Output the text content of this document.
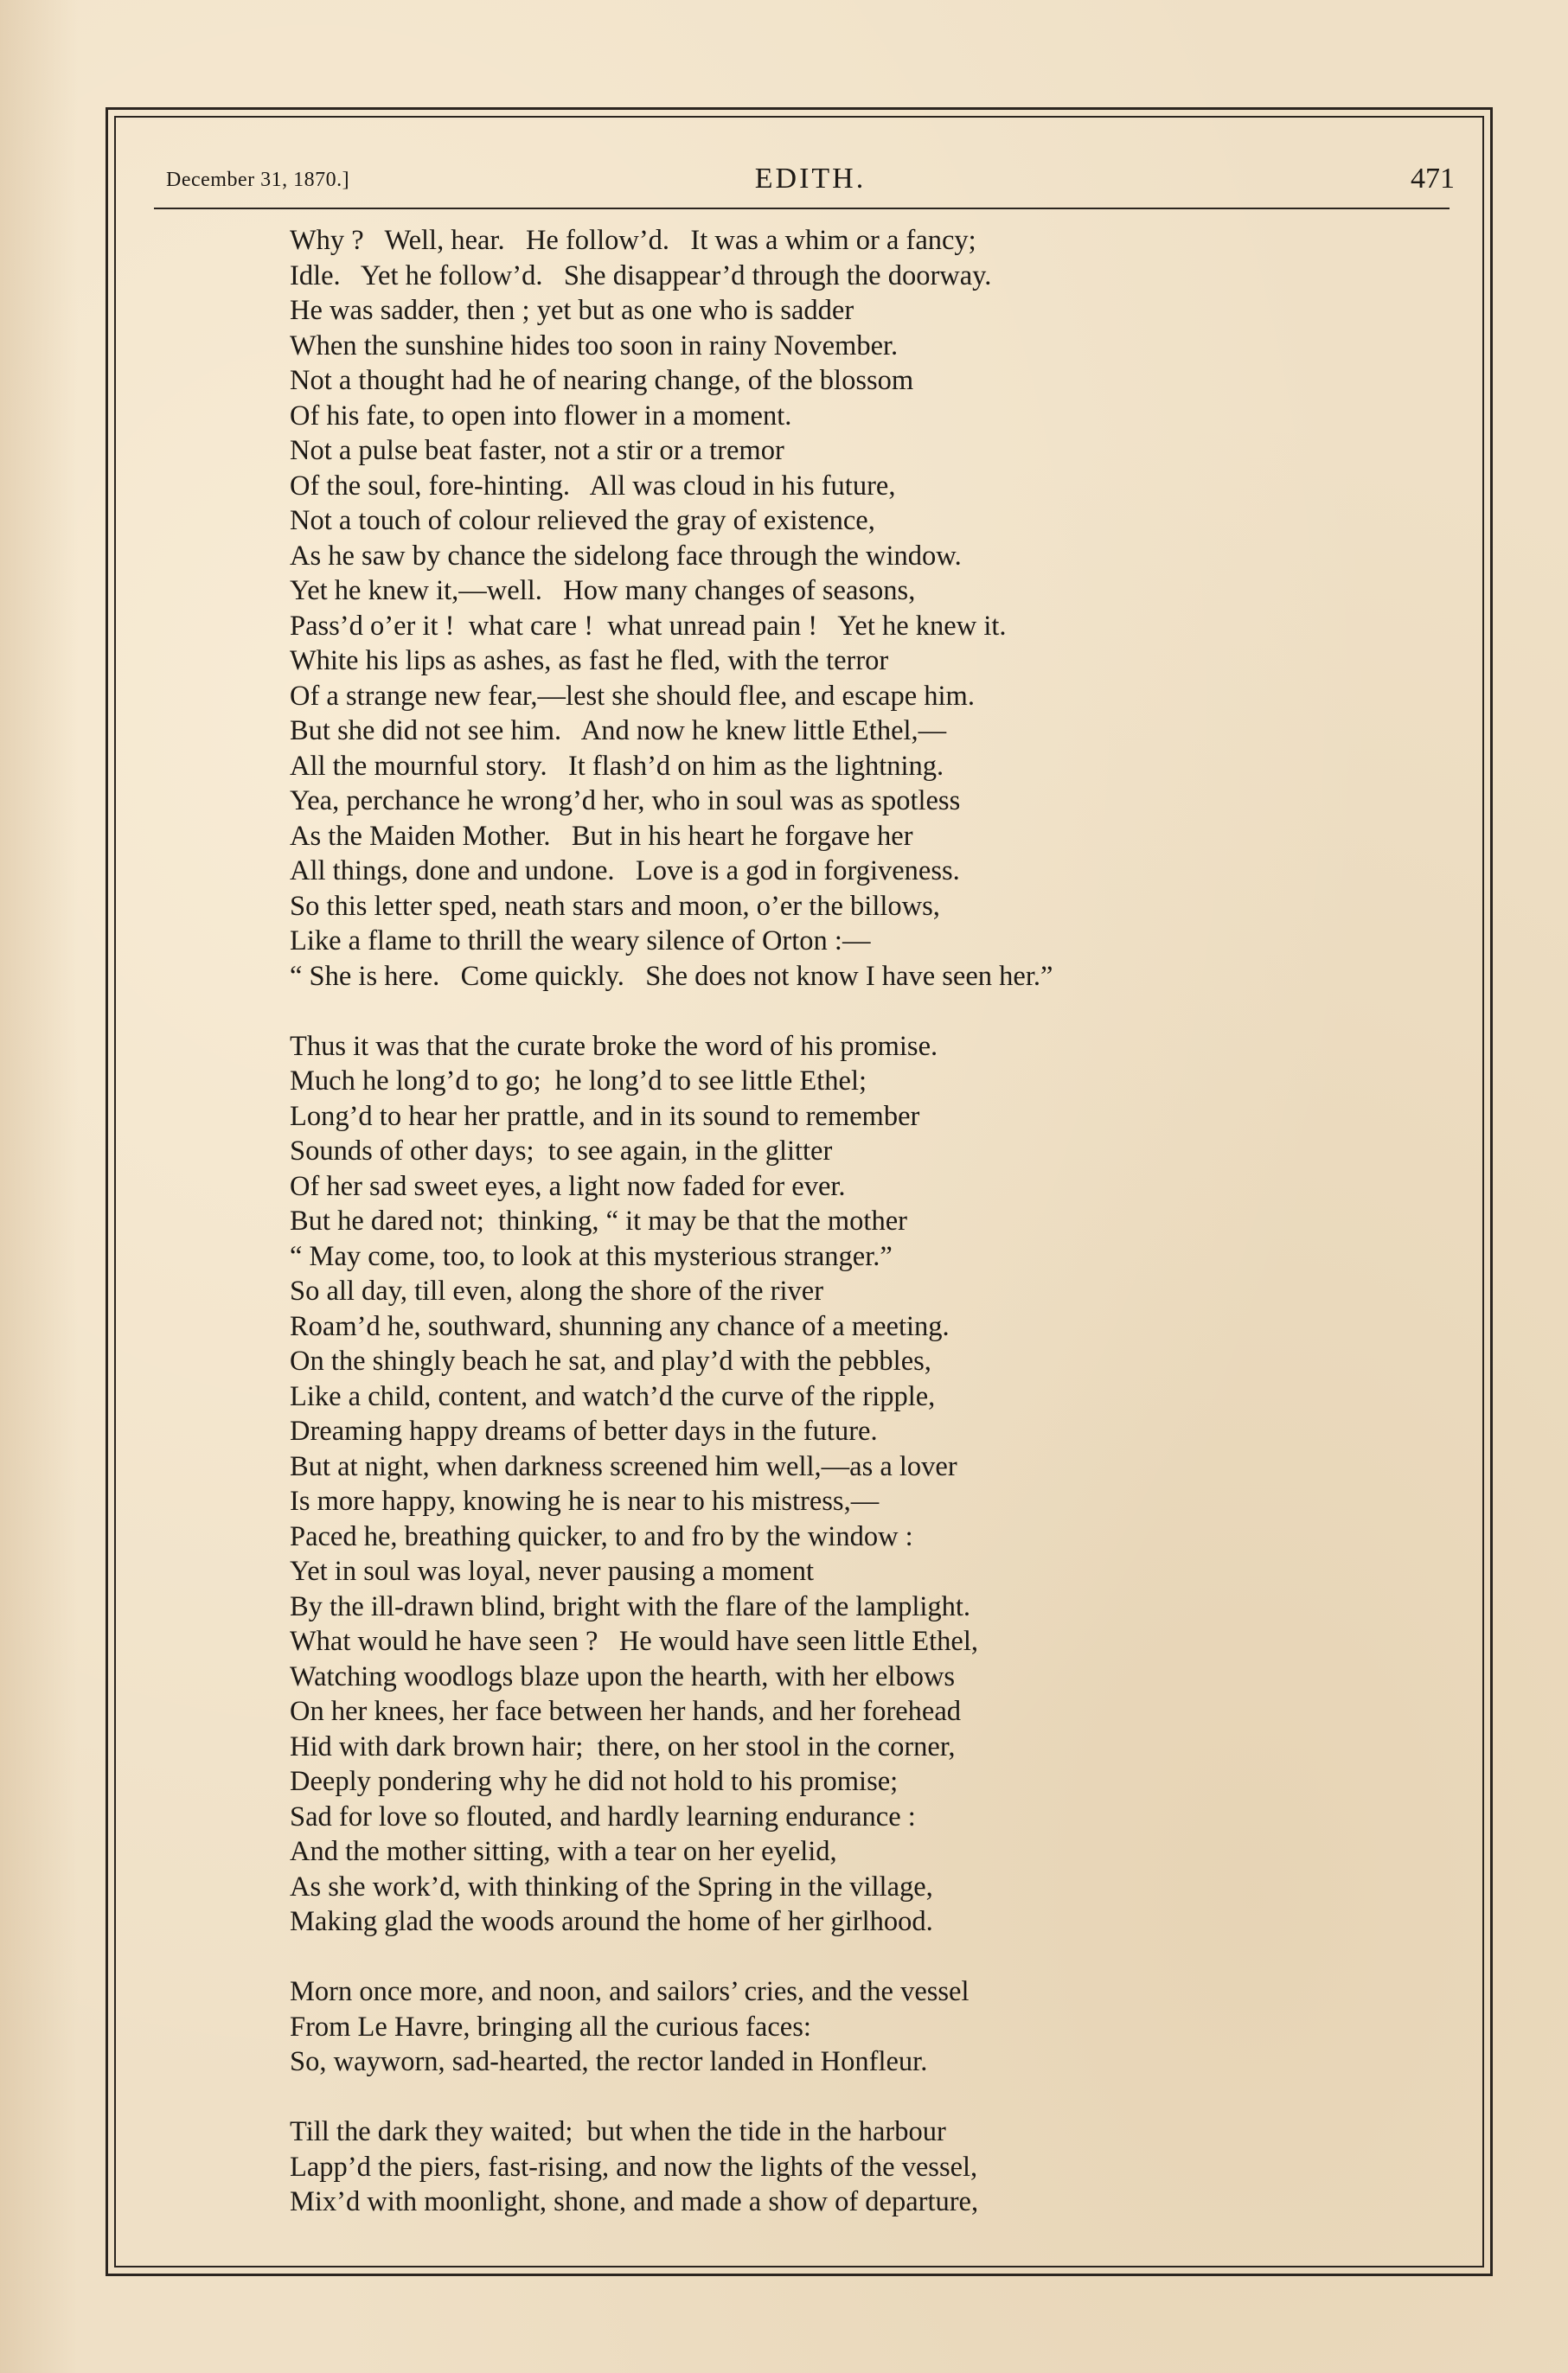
December 31, 1870.]	EDITH.	471
Why ?   Well, hear.   He follow’d.   It was a whim or a fancy;
Idle.   Yet he follow’d.   She disappear’d through the doorway.
He was sadder, then ; yet but as one who is sadder
When the sunshine hides too soon in rainy November.
Not a thought had he of nearing change, of the blossom
Of his fate, to open into flower in a moment.
Not a pulse beat faster, not a stir or a tremor
Of the soul, fore-hinting.   All was cloud in his future,
Not a touch of colour relieved the gray of existence,
As he saw by chance the sidelong face through the window.
Yet he knew it,—well.   How many changes of seasons,
Pass’d o’er it !  what care !  what unread pain !   Yet he knew it.
White his lips as ashes, as fast he fled, with the terror
Of a strange new fear,—lest she should flee, and escape him.
But she did not see him.   And now he knew little Ethel,—
All the mournful story.   It flash’d on him as the lightning.
Yea, perchance he wrong’d her, who in soul was as spotless
As the Maiden Mother.   But in his heart he forgave her
All things, done and undone.   Love is a god in forgiveness.
So this letter sped, neath stars and moon, o’er the billows,
Like a flame to thrill the weary silence of Orton :—
“ She is here.   Come quickly.   She does not know I have seen her.”
Thus it was that the curate broke the word of his promise.
Much he long’d to go;  he long’d to see little Ethel;
Long’d to hear her prattle, and in its sound to remember
Sounds of other days;  to see again, in the glitter
Of her sad sweet eyes, a light now faded for ever.
But he dared not;  thinking, “ it may be that the mother
“ May come, too, to look at this mysterious stranger.”
So all day, till even, along the shore of the river
Roam’d he, southward, shunning any chance of a meeting.
On the shingly beach he sat, and play’d with the pebbles,
Like a child, content, and watch’d the curve of the ripple,
Dreaming happy dreams of better days in the future.
But at night, when darkness screened him well,—as a lover
Is more happy, knowing he is near to his mistress,—
Paced he, breathing quicker, to and fro by the window :
Yet in soul was loyal, never pausing a moment
By the ill-drawn blind, bright with the flare of the lamplight.
What would he have seen ?   He would have seen little Ethel,
Watching woodlogs blaze upon the hearth, with her elbows
On her knees, her face between her hands, and her forehead
Hid with dark brown hair;  there, on her stool in the corner,
Deeply pondering why he did not hold to his promise;
Sad for love so flouted, and hardly learning endurance :
And the mother sitting, with a tear on her eyelid,
As she work’d, with thinking of the Spring in the village,
Making glad the woods around the home of her girlhood.
Morn once more, and noon, and sailors’ cries, and the vessel
From Le Havre, bringing all the curious faces:
So, wayworn, sad-hearted, the rector landed in Honfleur.
Till the dark they waited;  but when the tide in the harbour
Lapp’d the piers, fast-rising, and now the lights of the vessel,
Mix’d with moonlight, shone, and made a show of departure,
